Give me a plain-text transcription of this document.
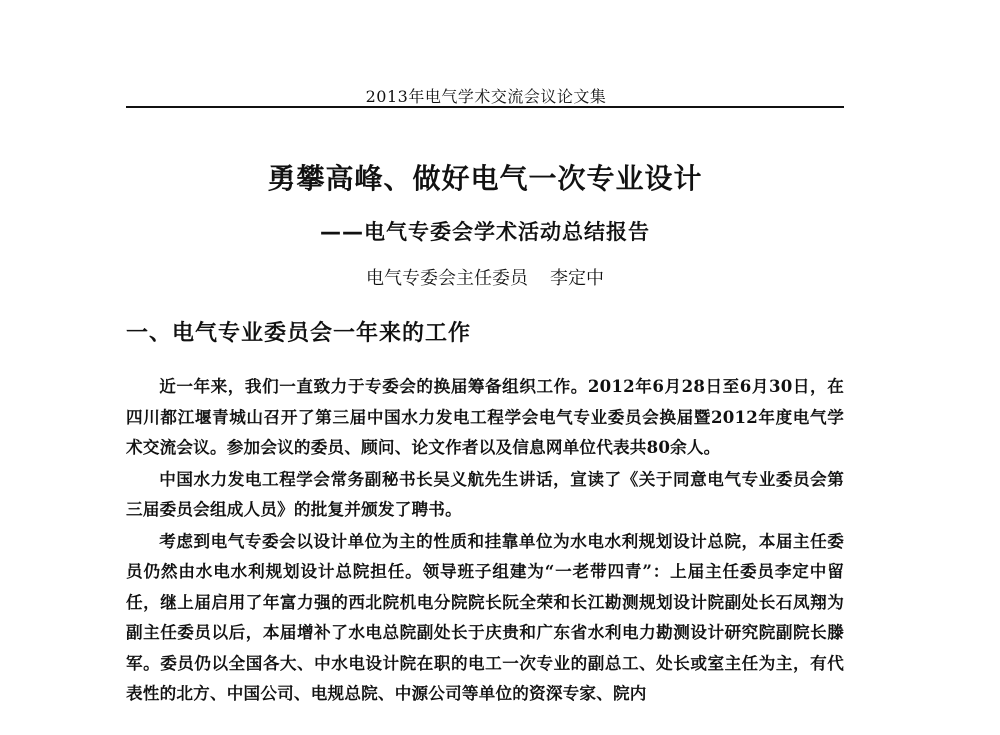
2013年电气学术交流会议论文集
勇攀高峰、做好电气一次专业设计
——电气专委会学术活动总结报告
电气专委会主任委员 李定中
一、电气专业委员会一年来的工作

近一年来，我们一直致力于专委会的换届筹备组织工作。2012年6月28日至6月30日，在四川都江堰青城山召开了第三届中国水力发电工程学会电气专业委员会换届暨2012年度电气学术交流会议。参加会议的委员、顾问、论文作者以及信息网单位代表共80余人。

中国水力发电工程学会常务副秘书长吴义航先生讲话，宣读了《关于同意电气专业委员会第三届委员会组成人员》的批复并颁发了聘书。

考虑到电气专委会以设计单位为主的性质和挂靠单位为水电水利规划设计总院，本届主任委员仍然由水电水利规划设计总院担任。领导班子组建为“一老带四青”：上届主任委员李定中留任，继上届启用了年富力强的西北院机电分院院长阮全荣和长江勘测规划设计院副处长石凤翔为副主任委员以后，本届增补了水电总院副处长于庆贵和广东省水利电力勘测设计研究院副院长滕军。委员仍以全国各大、中水电设计院在职的电工一次专业的副总工、处长或室主任为主，有代表性的北方、中国公司、电规总院、中源公司等单位的资深专家、院内
